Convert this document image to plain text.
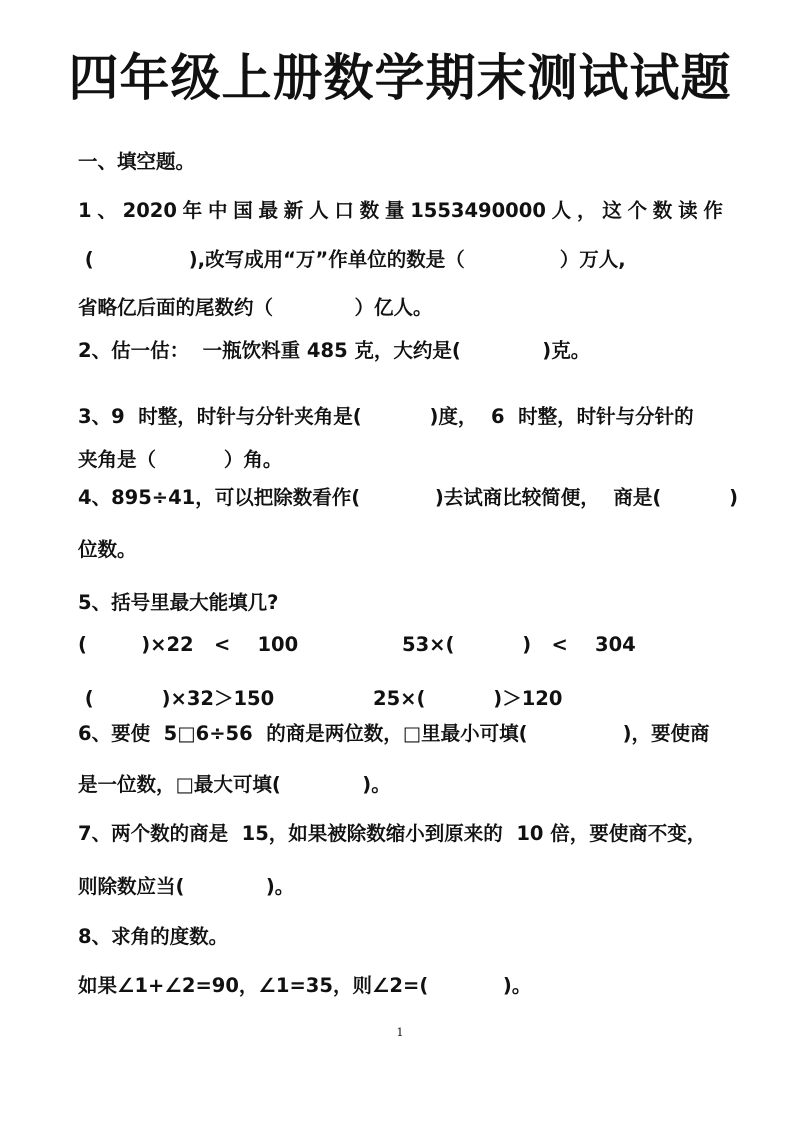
四年级上册数学期末测试试题
一、填空题。
1 、 2020 年 中 国 最 新 人 口 数 量 1553490000 人 ， 这 个 数 读 作
(              ),改写成用“万”作单位的数是（              ）万人,
省略亿后面的尾数约（            ）亿人。
2、估一估：  一瓶饮料重 485 克，大约是(            )克。
3、9  时整，时针与分针夹角是(          )度，  6  时整，时针与分针的
夹角是（          ）角。
4、895÷41，可以把除数看作(           )去试商比较简便，  商是(          )
位数。
5、括号里最大能填几?
(        )×22   <    100	53×(          )   <    304
(          )×32＞150	25×(          )＞120
6、要使  5□6÷56  的商是两位数，□里最小可填(              )，要使商
是一位数，□最大可填(            )。
7、两个数的商是  15，如果被除数缩小到原来的  10 倍，要使商不变，
则除数应当(            )。
8、求角的度数。
如果∠1+∠2=90，∠1=35，则∠2=(           )。
1
